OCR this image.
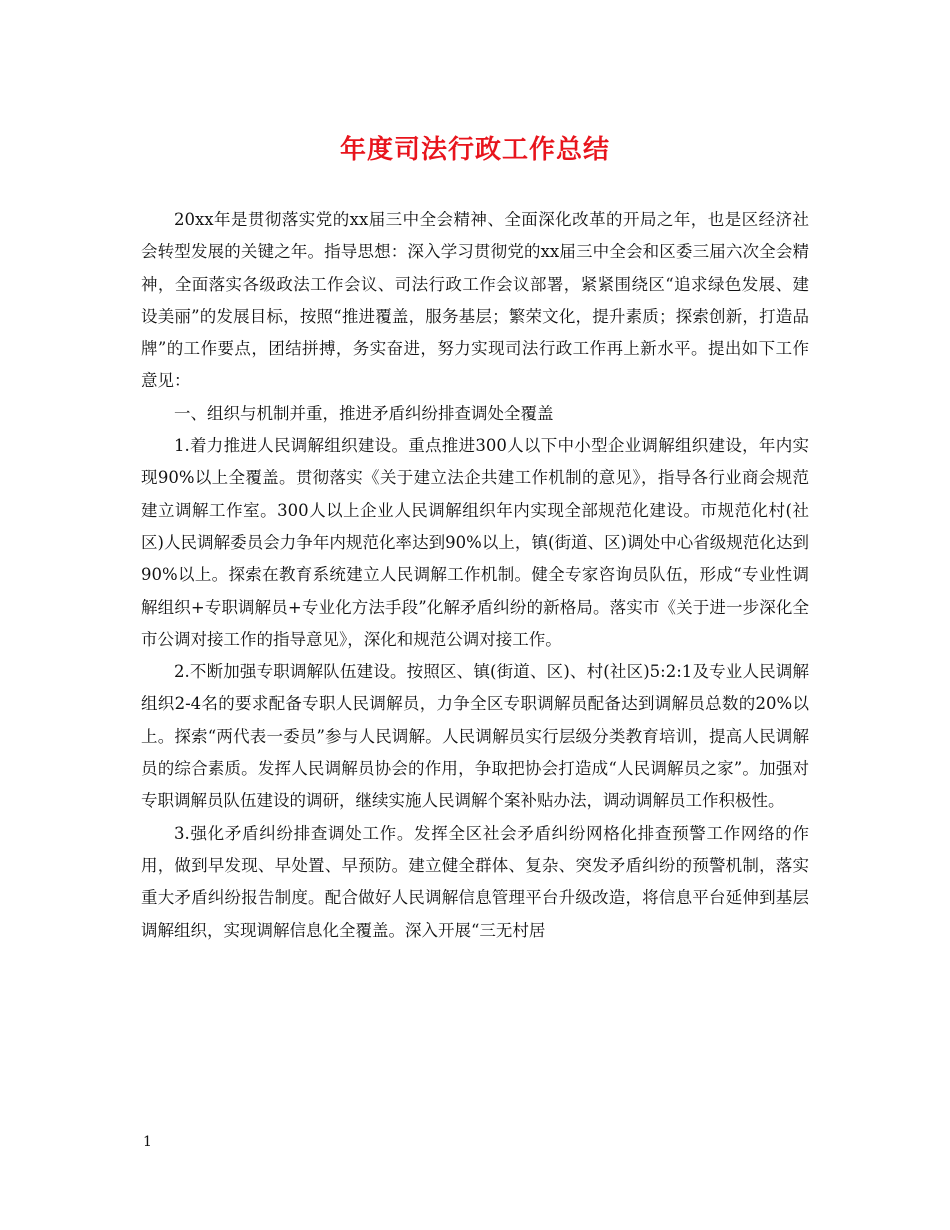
年度司法行政工作总结

20xx年是贯彻落实党的xx届三中全会精神、全面深化改革的开局之年，也是区经济社会转型发展的关键之年。指导思想：深入学习贯彻党的xx届三中全会和区委三届六次全会精神，全面落实各级政法工作会议、司法行政工作会议部署，紧紧围绕区“追求绿色发展、建设美丽”的发展目标，按照“推进覆盖，服务基层；繁荣文化，提升素质；探索创新，打造品牌”的工作要点，团结拼搏，务实奋进，努力实现司法行政工作再上新水平。提出如下工作意见：

一、组织与机制并重，推进矛盾纠纷排查调处全覆盖

1.着力推进人民调解组织建设。重点推进300人以下中小型企业调解组织建设，年内实现90%以上全覆盖。贯彻落实《关于建立法企共建工作机制的意见》，指导各行业商会规范建立调解工作室。300人以上企业人民调解组织年内实现全部规范化建设。市规范化村(社区)人民调解委员会力争年内规范化率达到90%以上，镇(街道、区)调处中心省级规范化达到90%以上。探索在教育系统建立人民调解工作机制。健全专家咨询员队伍，形成“专业性调解组织+专职调解员+专业化方法手段”化解矛盾纠纷的新格局。落实市《关于进一步深化全市公调对接工作的指导意见》，深化和规范公调对接工作。

2.不断加强专职调解队伍建设。按照区、镇(街道、区)、村(社区)5:2:1及专业人民调解组织2-4名的要求配备专职人民调解员，力争全区专职调解员配备达到调解员总数的20%以上。探索“两代表一委员”参与人民调解。人民调解员实行层级分类教育培训，提高人民调解员的综合素质。发挥人民调解员协会的作用，争取把协会打造成“人民调解员之家”。加强对专职调解员队伍建设的调研，继续实施人民调解个案补贴办法，调动调解员工作积极性。

3.强化矛盾纠纷排查调处工作。发挥全区社会矛盾纠纷网格化排查预警工作网络的作用，做到早发现、早处置、早预防。建立健全群体、复杂、突发矛盾纠纷的预警机制，落实重大矛盾纠纷报告制度。配合做好人民调解信息管理平台升级改造，将信息平台延伸到基层调解组织，实现调解信息化全覆盖。深入开展“三无村居

1
